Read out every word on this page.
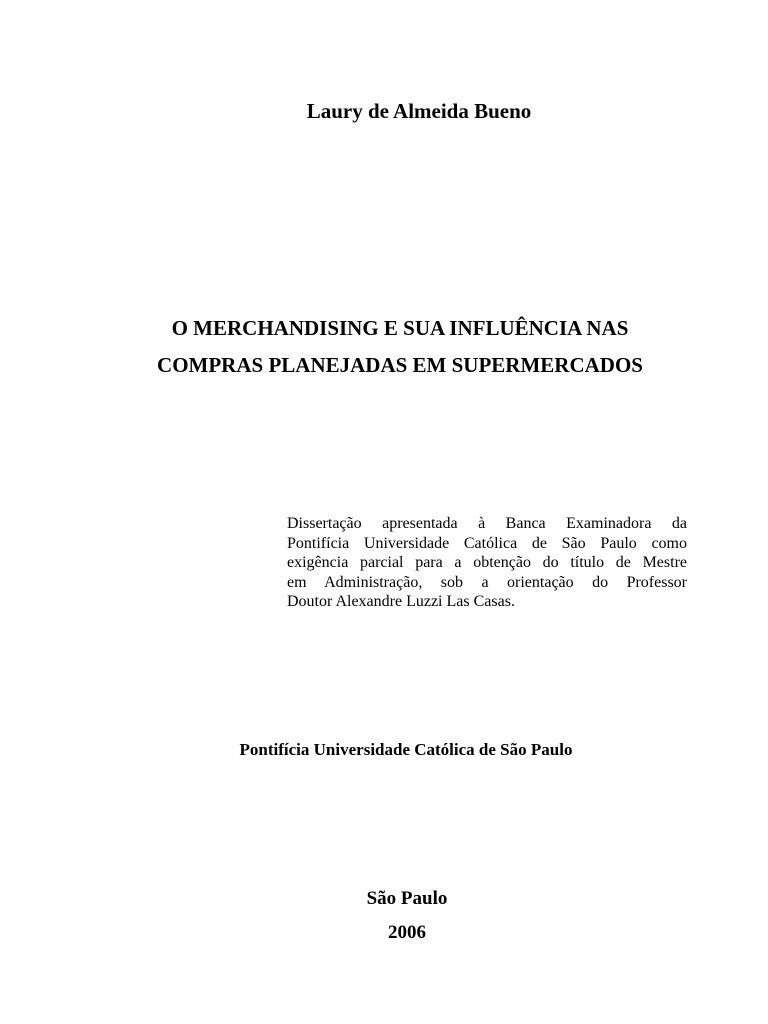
Laury de Almeida Bueno
O MERCHANDISING E SUA INFLUÊNCIA NAS
COMPRAS PLANEJADAS EM SUPERMERCADOS
Dissertação apresentada à Banca Examinadora da
Pontifícia Universidade Católica de São Paulo como
exigência parcial para a obtenção do título de Mestre
em Administração, sob a orientação do Professor
Doutor Alexandre Luzzi Las Casas.
Pontifícia Universidade Católica de São Paulo
São Paulo
2006
